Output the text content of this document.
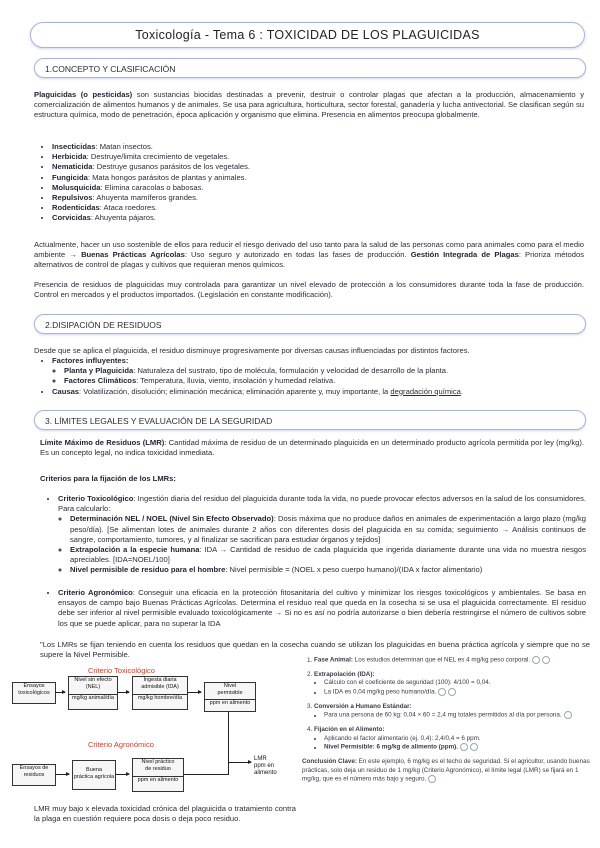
Toxicología - Tema 6 : TOXICIDAD DE LOS PLAGUICIDAS
1.CONCEPTO Y CLASIFICACIÓN
Plaguicidas (o pesticidas) son sustancias biocidas destinadas a prevenir, destruir o controlar plagas que afectan a la producción, almacenamiento y comercialización de alimentos humanos y de animales. Se usa para agricultura, horticultura, sector forestal, ganadería y lucha antivectorial. Se clasifican según su estructura química, modo de penetración, época aplicación y organismo que elimina. Presencia en alimentos preocupa globalmente.
• Insecticidas: Matan insectos.
• Herbicida: Destruye/limita crecimiento de vegetales.
• Nematicida: Destruye gusanos parásitos de los vegetales.
• Fungicida: Mata hongos parásitos de plantas y animales.
• Molusquicida: Elimina caracolas o babosas.
• Repulsivos: Ahuyenta mamíferos grandes.
• Rodenticidas: Ataca roedores.
• Corvicidas: Ahuyenta pájaros.
Actualmente, hacer un uso sostenible de ellos para reducir el riesgo derivado del uso tanto para la salud de las personas como para animales como para el medio ambiente → Buenas Prácticas Agrícolas: Uso seguro y autorizado en todas las fases de producción. Gestión Integrada de Plagas: Prioriza métodos alternativos de control de plagas y cultivos que requieran menos químicos.
Presencia de residuos de plaguicidas muy controlada para garantizar un nivel elevado de protección a los consumidores durante toda la fase de producción. Control en mercados y el productos importados. (Legislación en constante modificación).
2.DISIPACIÓN DE RESIDUOS
Desde que se aplica el plaguicida, el residuo disminuye progresivamente por diversas causas influenciadas por distintos factores.
• Factores influyentes:
◦ Planta y Plaguicida: Naturaleza del sustrato, tipo de molécula, formulación y velocidad de desarrollo de la planta.
◦ Factores Climáticos: Temperatura, lluvia, viento, insolación y humedad relativa.
• Causas: Volatilización, disolución; eliminación mecánica; eliminación aparente y, muy importante, la degradación química.
3. LÍMITES LEGALES Y EVALUACIÓN DE LA SEGURIDAD
Límite Máximo de Residuos (LMR): Cantidad máxima de residuo de un determinado plaguicida en un determinado producto agrícola permitida por ley (mg/kg). Es un concepto legal, no indica toxicidad inmediata.
Criterios para la fijación de los LMRs:
• Criterio Toxicológico: Ingestión diaria del residuo del plaguicida durante toda la vida, no puede provocar efectos adversos en la salud de los consumidores. Para calcularlo:
◦ Determinación NEL / NOEL (Nivel Sin Efecto Observado): Dosis máxima que no produce daños en animales de experimentación a largo plazo (mg/kg peso/día). [Se alimentan lotes de animales durante 2 años con diferentes dosis del plaguicida en su comida; seguimiento → Análisis continuos de sangre, comportamiento, tumores, y al finalizar se sacrifican para estudiar órganos y tejidos]
◦ Extrapolación a la especie humana: IDA → Cantidad de residuo de cada plaguicida que ingerida diariamente durante una vida no muestra riesgos apreciables. [IDA=NOEL/100]
◦ Nivel permisible de residuo para el hombre: Nivel permisible = (NOEL x peso cuerpo humano)/(IDA x factor alimentario)
• Criterio Agronómico: Conseguir una eficacia en la protección fitosanitaria del cultivo y minimizar los riesgos toxicológicos y ambientales. Se basa en ensayos de campo bajo Buenas Prácticas Agrícolas. Determina el residuo real que queda en la cosecha si se usa el plaguicida correctamente. El residuo debe ser inferior al nivel permisible evaluado toxicológicamente → Si no es así no podría autorizarse o bien debería restringirse el número de cultivos sobre los que se puede aplicar, para no superar la IDA
"Los LMRs se fijan teniendo en cuenta los residuos que quedan en la cosecha cuando se utilizan los plaguicidas en buena práctica agrícola y siempre que no se supere la Nivel Permisible.
Criterio Toxicológico
Criterio Agronómico
Ensayos
toxicológicos
Nivel sin efecto
(NEL)
mg/kg animal/día
Ingesta diaria
admisible (IDA)
mg/kg hombre/día
Nivel
permisible
ppm en alimento
Ensayos de
residuos
Buena
práctica agrícola
Nivel práctico
de residuo
ppm en alimento
LMR
ppm en alimento
LMR muy bajo x elevada toxicidad crónica del plaguicida o tratamiento contra la plaga en cuestión requiere poca dosis o deja poco residuo.
1. Fase Animal: Los estudios determinan que el NEL es 4 mg/kg peso corporal.
2. Extrapolación (IDA):
• Cálculo con el coeficiente de seguridad (100): 4/100 = 0,04.
• La IDA es 0,04 mg/kg peso humano/día.
3. Conversión a Humano Estándar:
• Para una persona de 60 kg: 0,04 × 60 = 2,4 mg totales permitidos al día por persona.
4. Fijación en el Alimento:
• Aplicando el factor alimentario (ej. 0,4): 2,4/0,4 = 6 ppm.
• Nivel Permisible: 6 mg/kg de alimento (ppm).
Conclusión Clave: En este ejemplo, 6 mg/kg es el techo de seguridad. Si el agricultor, usando buenas prácticas, solo deja un residuo de 1 mg/kg (Criterio Agronómico), el límite legal (LMR) se fijará en 1 mg/kg, que es el número más bajo y seguro.
